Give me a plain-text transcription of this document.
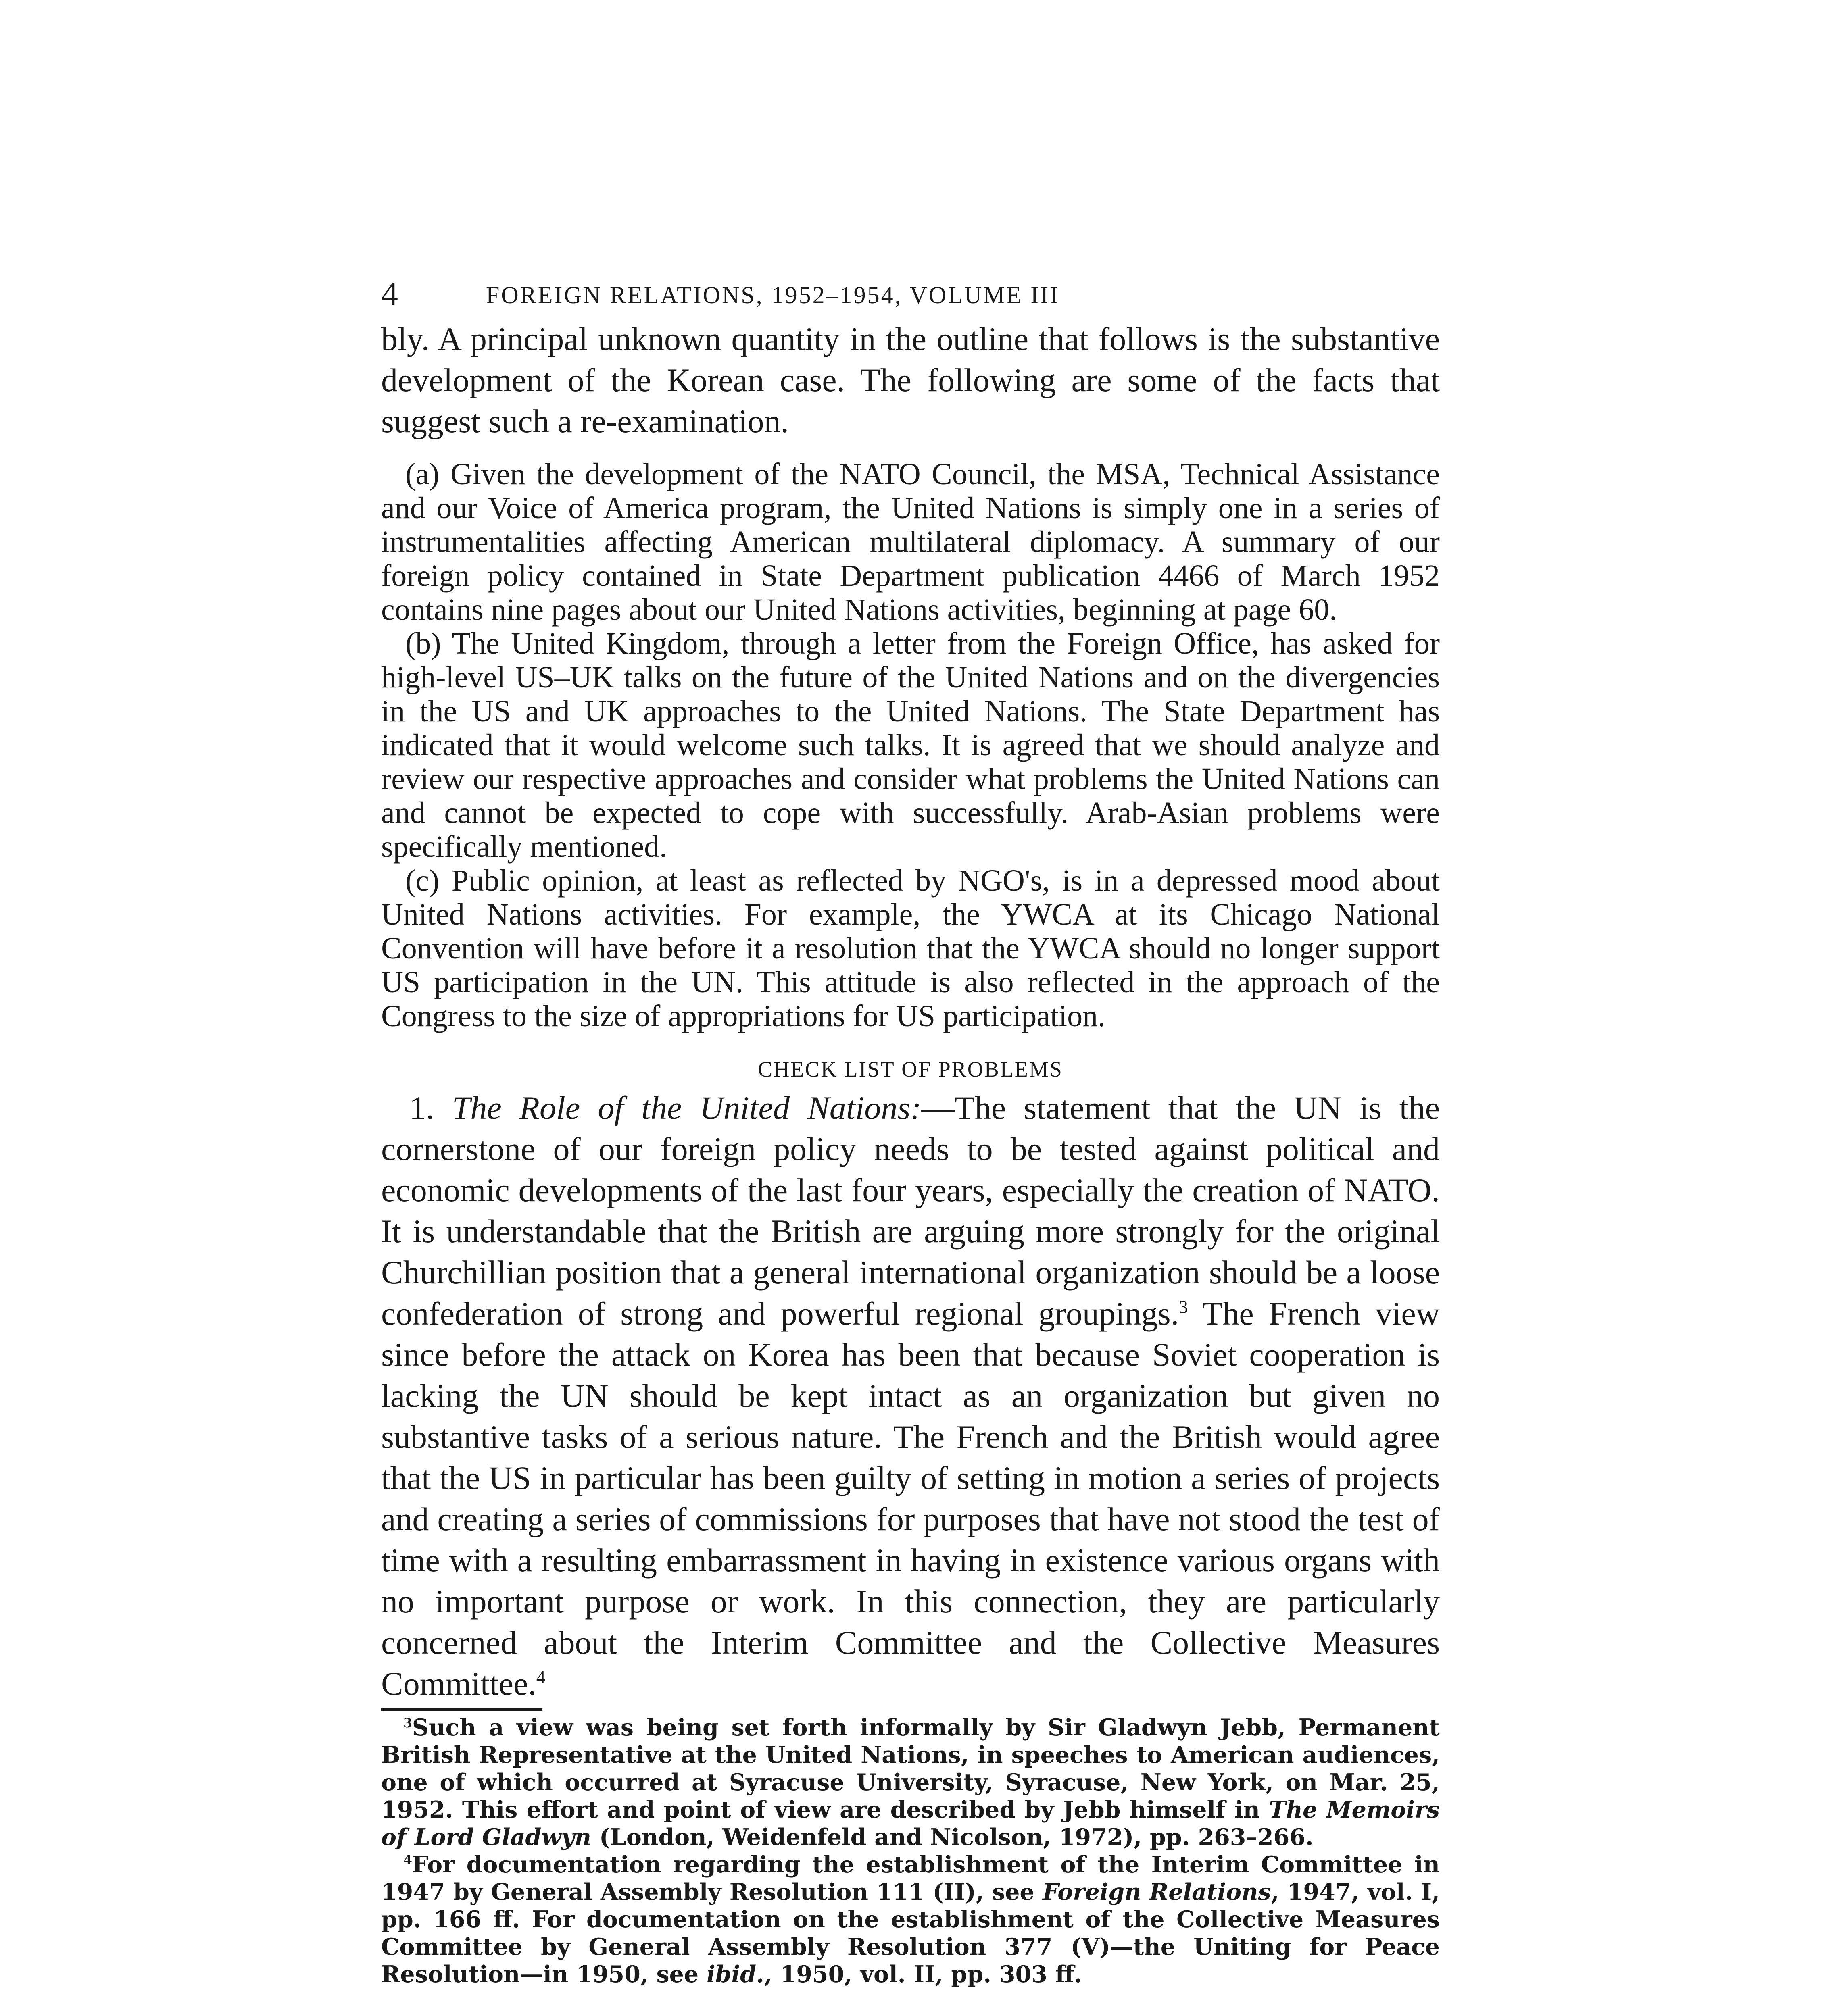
4	FOREIGN RELATIONS, 1952–1954, VOLUME III

bly. A principal unknown quantity in the outline that follows is the substantive development of the Korean case. The following are some of the facts that suggest such a re-examination.

(a) Given the development of the NATO Council, the MSA, Technical Assistance and our Voice of America program, the United Nations is simply one in a series of instrumentalities affecting American multilateral diplomacy. A summary of our foreign policy contained in State Department publication 4466 of March 1952 contains nine pages about our United Nations activities, beginning at page 60.

(b) The United Kingdom, through a letter from the Foreign Office, has asked for high-level US–UK talks on the future of the United Nations and on the divergencies in the US and UK approaches to the United Nations. The State Department has indicated that it would welcome such talks. It is agreed that we should analyze and review our respective approaches and consider what problems the United Nations can and cannot be expected to cope with successfully. Arab-Asian problems were specifically mentioned.

(c) Public opinion, at least as reflected by NGO's, is in a depressed mood about United Nations activities. For example, the YWCA at its Chicago National Convention will have before it a resolution that the YWCA should no longer support US participation in the UN. This attitude is also reflected in the approach of the Congress to the size of appropriations for US participation.

CHECK LIST OF PROBLEMS

1. The Role of the United Nations:—The statement that the UN is the cornerstone of our foreign policy needs to be tested against political and economic developments of the last four years, especially the creation of NATO. It is understandable that the British are arguing more strongly for the original Churchillian position that a general international organization should be a loose confederation of strong and powerful regional groupings.$^3$ The French view since before the attack on Korea has been that because Soviet cooperation is lacking the UN should be kept intact as an organization but given no substantive tasks of a serious nature. The French and the British would agree that the US in particular has been guilty of setting in motion a series of projects and creating a series of commissions for purposes that have not stood the test of time with a resulting embarrassment in having in existence various organs with no important purpose or work. In this connection, they are particularly concerned about the Interim Committee and the Collective Measures Committee.$^4$

$^3$Such a view was being set forth informally by Sir Gladwyn Jebb, Permanent British Representative at the United Nations, in speeches to American audiences, one of which occurred at Syracuse University, Syracuse, New York, on Mar. 25, 1952. This effort and point of view are described by Jebb himself in The Memoirs of Lord Gladwyn (London, Weidenfeld and Nicolson, 1972), pp. 263–266.

$^4$For documentation regarding the establishment of the Interim Committee in 1947 by General Assembly Resolution 111 (II), see Foreign Relations, 1947, vol. I, pp. 166 ff. For documentation on the establishment of the Collective Measures Committee by General Assembly Resolution 377 (V)—the Uniting for Peace Resolution—in 1950, see ibid., 1950, vol. II, pp. 303 ff.
